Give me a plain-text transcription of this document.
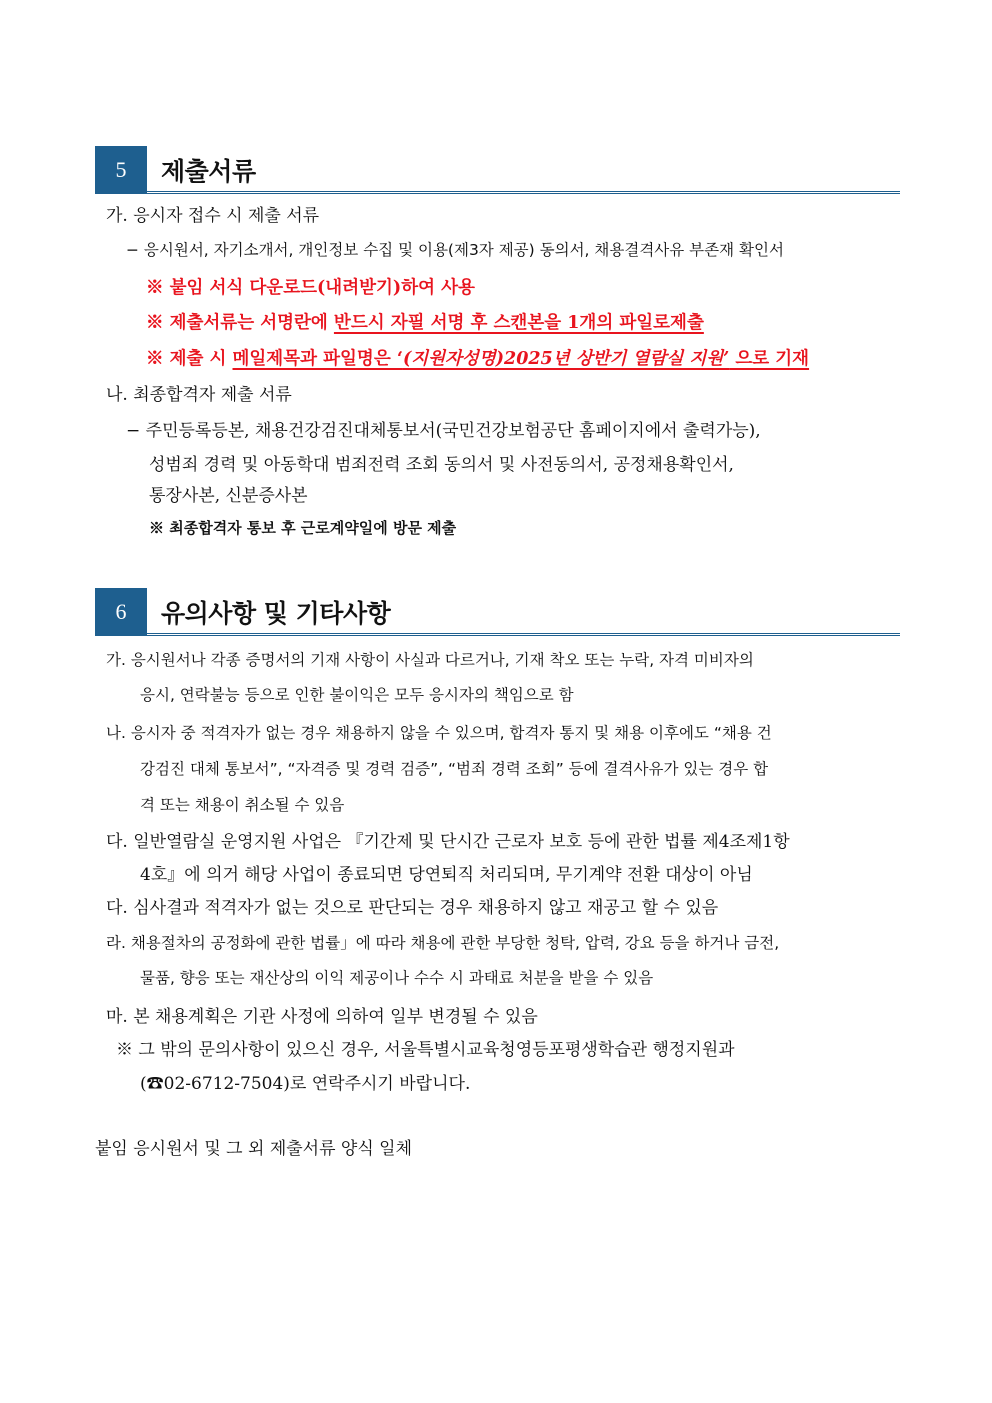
5	제출서류
가. 응시자 접수 시 제출 서류
− 응시원서, 자기소개서, 개인정보 수집 및 이용(제3자 제공) 동의서, 채용결격사유 부존재 확인서
※ 붙임 서식 다운로드(내려받기)하여 사용
※ 제출서류는 서명란에 반드시 자필 서명 후 스캔본을 1개의 파일로제출
※ 제출 시 메일제목과 파일명은 ‘(지원자성명)2025년 상반기 열람실 지원’ 으로 기재
나. 최종합격자 제출 서류
− 주민등록등본, 채용건강검진대체통보서(국민건강보험공단 홈페이지에서 출력가능),
성범죄 경력 및 아동학대 범죄전력 조회 동의서 및 사전동의서, 공정채용확인서,
통장사본, 신분증사본
※ 최종합격자 통보 후 근로계약일에 방문 제출
6	유의사항 및 기타사항
가. 응시원서나 각종 증명서의 기재 사항이 사실과 다르거나, 기재 착오 또는 누락, 자격 미비자의
응시, 연락불능 등으로 인한 불이익은 모두 응시자의 책임으로 함
나. 응시자 중 적격자가 없는 경우 채용하지 않을 수 있으며, 합격자 통지 및 채용 이후에도 “채용 건
강검진 대체 통보서”, “자격증 및 경력 검증”, “범죄 경력 조회” 등에 결격사유가 있는 경우 합
격 또는 채용이 취소될 수 있음
다. 일반열람실 운영지원 사업은 『기간제 및 단시간 근로자 보호 등에 관한 법률 제4조제1항
4호』에 의거 해당 사업이 종료되면 당연퇴직 처리되며, 무기계약 전환 대상이 아님
다. 심사결과 적격자가 없는 것으로 판단되는 경우 채용하지 않고 재공고 할 수 있음
라. 채용절차의 공정화에 관한 법률」에 따라 채용에 관한 부당한 청탁, 압력, 강요 등을 하거나 금전,
물품, 향응 또는 재산상의 이익 제공이나 수수 시 과태료 처분을 받을 수 있음
마. 본 채용계획은 기관 사정에 의하여 일부 변경될 수 있음
※ 그 밖의 문의사항이 있으신 경우, 서울특별시교육청영등포평생학습관 행정지원과
(☎02-6712-7504)로 연락주시기 바랍니다.
붙임 응시원서 및 그 외 제출서류 양식 일체
